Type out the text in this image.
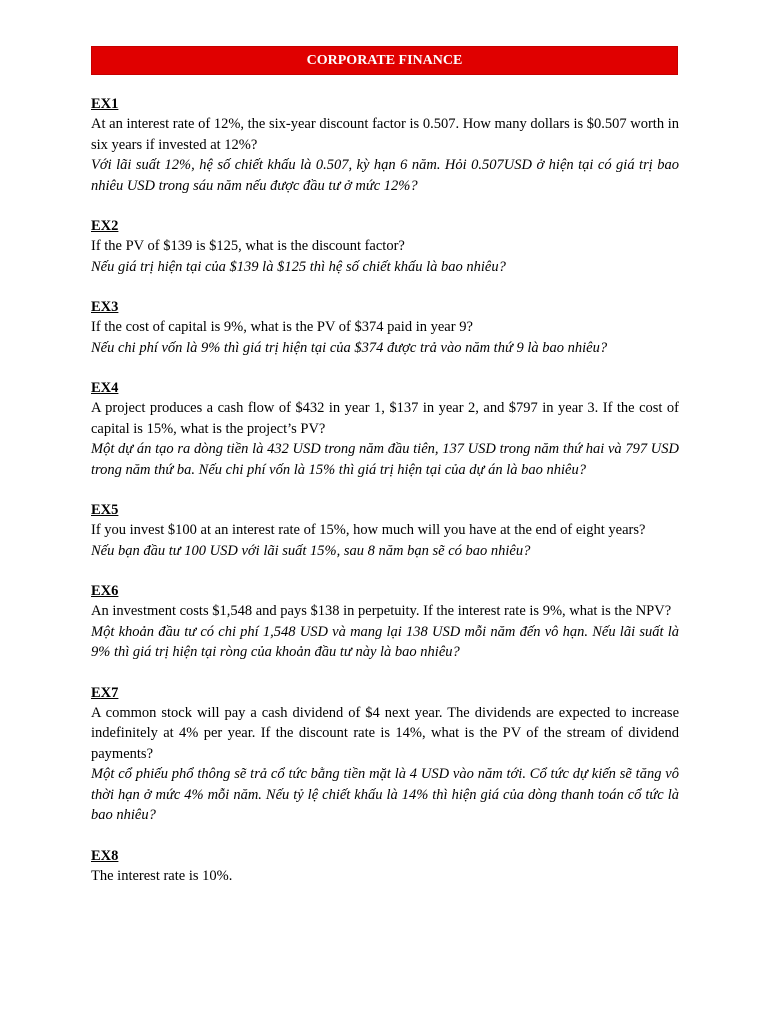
CORPORATE FINANCE

EX1

At an interest rate of 12%, the six-year discount factor is 0.507. How many dollars is $0.507 worth in six years if invested at 12%?

Với lãi suất 12%, hệ số chiết khấu là 0.507, kỳ hạn 6 năm. Hỏi 0.507USD ở hiện tại có giá trị bao nhiêu USD trong sáu năm nếu được đầu tư ở mức 12%?

EX2

If the PV of $139 is $125, what is the discount factor?

Nếu giá trị hiện tại của $139 là $125 thì hệ số chiết khấu là bao nhiêu?

EX3

If the cost of capital is 9%, what is the PV of $374 paid in year 9?

Nếu chi phí vốn là 9% thì giá trị hiện tại của $374 được trả vào năm thứ 9 là bao nhiêu?

EX4

A project produces a cash flow of $432 in year 1, $137 in year 2, and $797 in year 3. If the cost of capital is 15%, what is the project’s PV?

Một dự án tạo ra dòng tiền là 432 USD trong năm đầu tiên, 137 USD trong năm thứ hai và 797 USD trong năm thứ ba. Nếu chi phí vốn là 15% thì giá trị hiện tại của dự án là bao nhiêu?

EX5

If you invest $100 at an interest rate of 15%, how much will you have at the end of eight years?

Nếu bạn đầu tư 100 USD với lãi suất 15%, sau 8 năm bạn sẽ có bao nhiêu?

EX6

An investment costs $1,548 and pays $138 in perpetuity. If the interest rate is 9%, what is the NPV?

Một khoản đầu tư có chi phí 1,548 USD và mang lại 138 USD mỗi năm đến vô hạn. Nếu lãi suất là 9% thì giá trị hiện tại ròng của khoản đầu tư này là bao nhiêu?

EX7

A common stock will pay a cash dividend of $4 next year. The dividends are expected to increase indefinitely at 4% per year. If the discount rate is 14%, what is the PV of the stream of dividend payments?

Một cổ phiếu phổ thông sẽ trả cổ tức bằng tiền mặt là 4 USD vào năm tới. Cổ tức dự kiến sẽ tăng vô thời hạn ở mức 4% mỗi năm. Nếu tỷ lệ chiết khấu là 14% thì hiện giá của dòng thanh toán cổ tức là bao nhiêu?

EX8

The interest rate is 10%.
